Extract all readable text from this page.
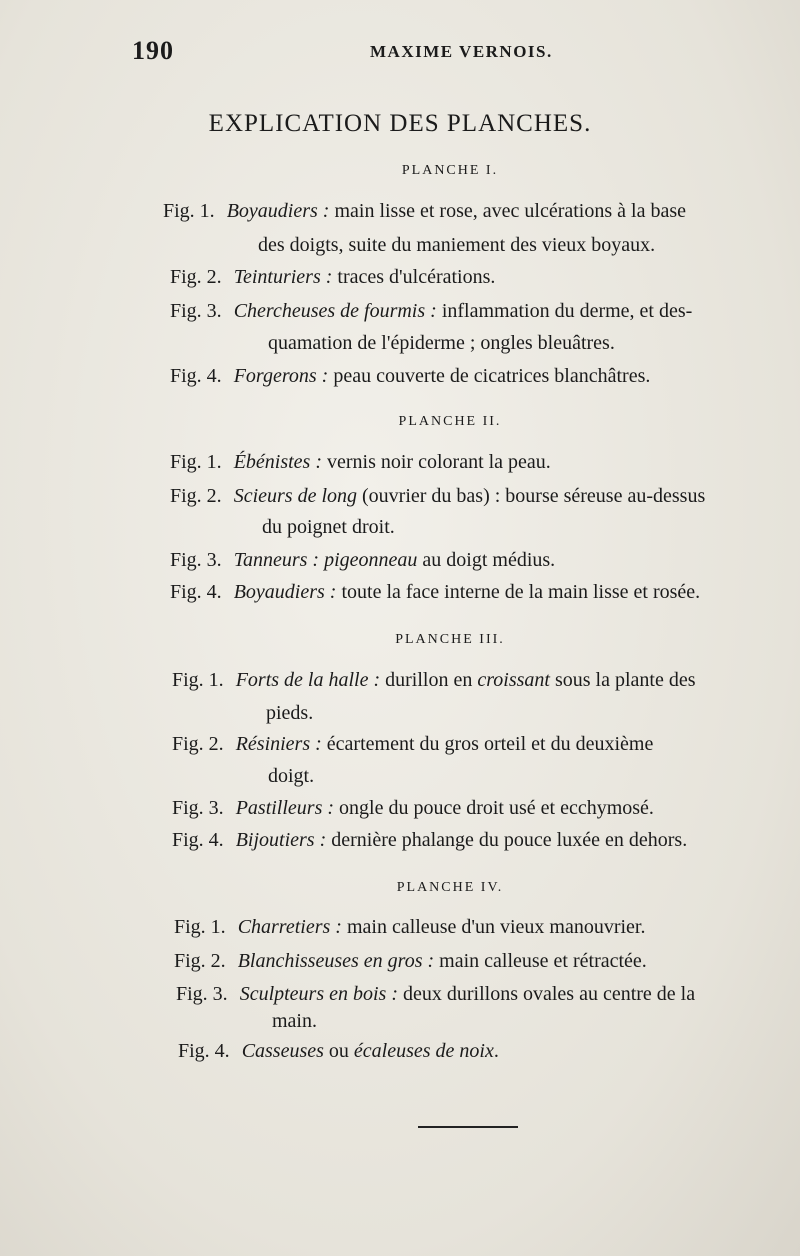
190	MAXIME VERNOIS.
EXPLICATION DES PLANCHES.
PLANCHE I.
Fig. 1. Boyaudiers : main lisse et rose, avec ulcérations à la base
des doigts, suite du maniement des vieux boyaux.
Fig. 2. Teinturiers : traces d'ulcérations.
Fig. 3. Chercheuses de fourmis : inflammation du derme, et des-
quamation de l'épiderme ; ongles bleuâtres.
Fig. 4. Forgerons : peau couverte de cicatrices blanchâtres.
PLANCHE II.
Fig. 1. Ébénistes : vernis noir colorant la peau.
Fig. 2. Scieurs de long (ouvrier du bas) : bourse séreuse au-dessus
du poignet droit.
Fig. 3. Tanneurs : pigeonneau au doigt médius.
Fig. 4. Boyaudiers : toute la face interne de la main lisse et rosée.
PLANCHE III.
Fig. 1. Forts de la halle : durillon en croissant sous la plante des
pieds.
Fig. 2. Résiniers : écartement du gros orteil et du deuxième
doigt.
Fig. 3. Pastilleurs : ongle du pouce droit usé et ecchymosé.
Fig. 4. Bijoutiers : dernière phalange du pouce luxée en dehors.
PLANCHE IV.
Fig. 1. Charretiers : main calleuse d'un vieux manouvrier.
Fig. 2. Blanchisseuses en gros : main calleuse et rétractée.
Fig. 3. Sculpteurs en bois : deux durillons ovales au centre de la
main.
Fig. 4. Casseuses ou écaleuses de noix.
